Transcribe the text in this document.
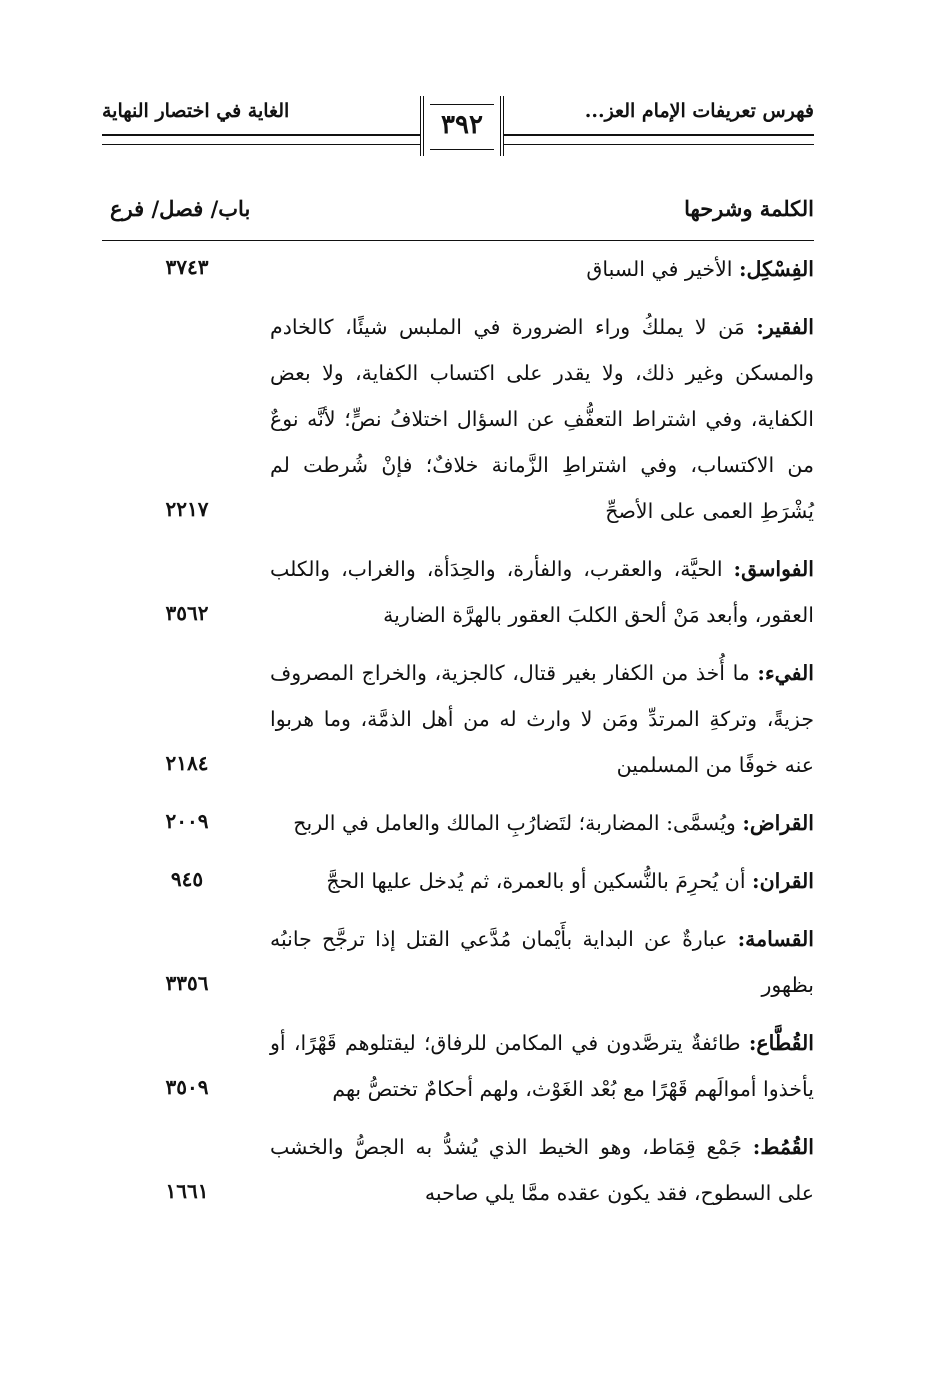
فهرس تعريفات الإمام العز...
الغاية في اختصار النهاية	٣٩٢
الكلمة وشرحها
باب/ فصل/ فرع
الفِسْكِل: الأخير في السباق
٣٧٤٣
الفقير: مَن لا يملكُ وراء الضرورة في الملبس شيئًا، كالخادم والمسكن وغير ذلك، ولا يقدر على اكتساب الكفاية، ولا بعض الكفاية، وفي اشتراط التعفُّفِ عن السؤال اختلافُ نصٍّ؛ لأنَّه نوعٌ من الاكتساب، وفي اشتراطِ الزَّمانة خلافٌ؛ فإنْ شُرطت لم يُشْرَطِ العمى على الأصحِّ
٢٢١٧
الفواسق: الحيَّة، والعقرب، والفأرة، والحِدَأة، والغراب، والكلب العقور، وأبعد مَنْ ألحق الكلبَ العقور بالهرَّة الضارية
٣٥٦٢
الفيء: ما أُخذ من الكفار بغير قتال، كالجزية، والخراج المصروف جزيةً، وتركةِ المرتدِّ ومَن لا وارث له من أهل الذمَّة، وما هربوا عنه خوفًا من المسلمين
٢١٨٤
القراض: ويُسمَّى: المضاربة؛ لتَضارُبِ المالك والعامل في الربح
٢٠٠٩
القران: أن يُحرِمَ بالنُّسكين أو بالعمرة، ثم يُدخل عليها الحجَّ
٩٤٥
القسامة: عبارةٌ عن البداية بأَيْمان مُدَّعي القتل إذا ترجَّح جانبُه بظهور
٣٣٥٦
القُطَّاع: طائفةٌ يترصَّدون في المكامن للرفاق؛ ليقتلوهم قَهْرًا، أو يأخذوا أموالَهم قَهْرًا مع بُعْد الغَوْث، ولهم أحكامٌ تختصُّ بهم
٣٥٠٩
القُمُط: جَمْع قِمَاط، وهو الخيط الذي يُشدُّ به الجصُّ والخشب على السطوح، فقد يكون عقده ممَّا يلي صاحبه
١٦٦١
